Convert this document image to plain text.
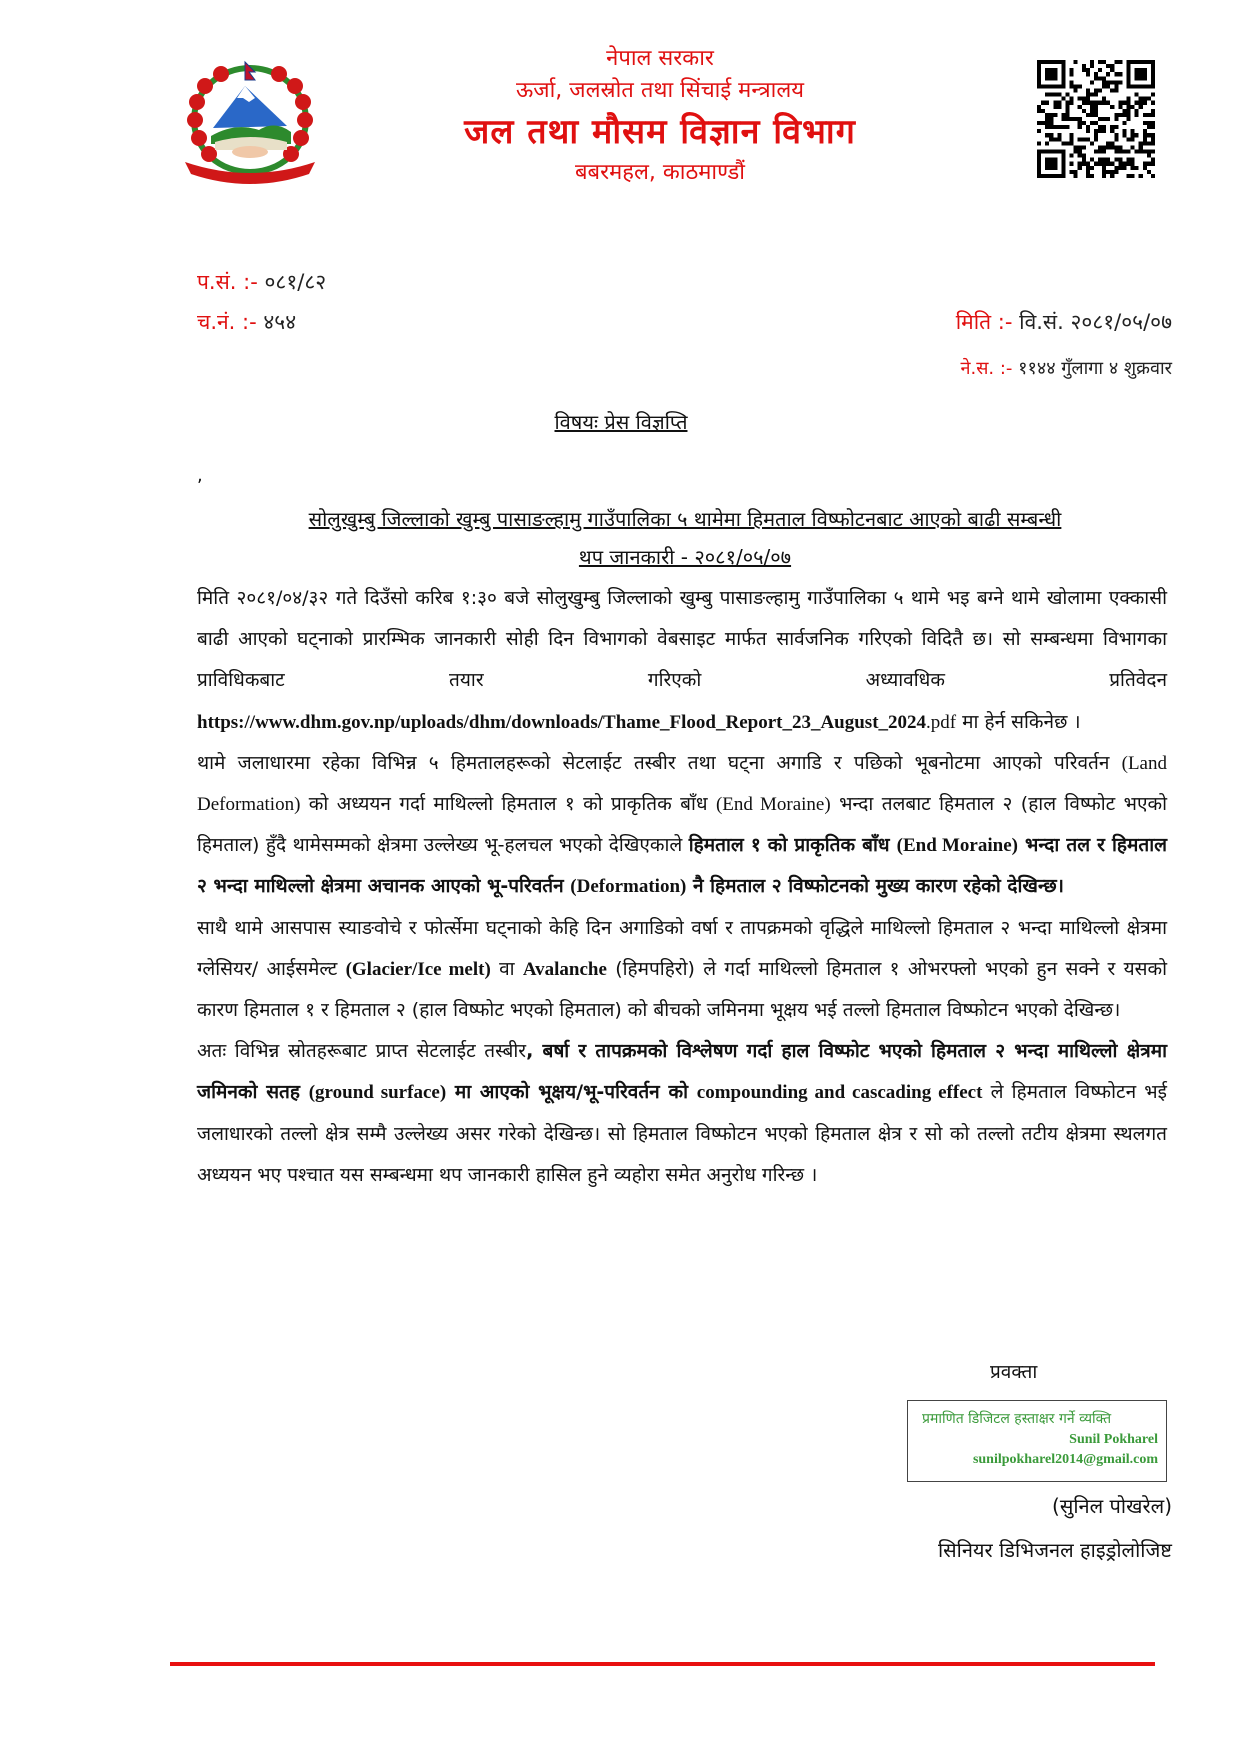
नेपाल सरकार
ऊर्जा, जलस्रोत तथा सिंचाई मन्त्रालय
जल तथा मौसम विज्ञान विभाग
बबरमहल, काठमाण्डौं
प.सं. :- ०८१/८२
च.नं. :- ४५४	मिति :- वि.सं. २०८१/०५/०७
ने.स. :- ११४४ गुँलागा ४ शुक्रवार
विषयः प्रेस विज्ञप्ति
,
सोलुखुम्बु जिल्लाको खुम्बु पासाङल्हामु गाउँपालिका ५ थामेमा हिमताल विष्फोटनबाट आएको बाढी सम्बन्धी
थप जानकारी - २०८१/०५/०७

मिति २०८१/०४/३२ गते दिउँसो करिब १:३० बजे सोलुखुम्बु जिल्लाको खुम्बु पासाङल्हामु गाउँपालिका ५ थामे भइ बग्ने थामे खोलामा एक्कासी बाढी आएको घट्नाको प्रारम्भिक जानकारी सोही दिन विभागको वेबसाइट मार्फत सार्वजनिक गरिएको विदितै छ। सो सम्बन्धमा विभागका प्राविधिकबाट तयार गरिएको अध्यावधिक प्रतिवेदन https://www.dhm.gov.np/uploads/dhm/downloads/Thame_Flood_Report_23_August_2024.pdf मा हेर्न सकिनेछ ।

थामे जलाधारमा रहेका विभिन्न ५ हिमतालहरूको सेटलाईट तस्बीर तथा घट्ना अगाडि र पछिको भूबनोटमा आएको परिवर्तन (Land Deformation) को अध्ययन गर्दा माथिल्लो हिमताल १ को प्राकृतिक बाँध (End Moraine) भन्दा तलबाट हिमताल २ (हाल विष्फोट भएको हिमताल) हुँदै थामेसम्मको क्षेत्रमा उल्लेख्य भू-हलचल भएको देखिएकाले हिमताल १ को प्राकृतिक बाँध (End Moraine) भन्दा तल र हिमताल २ भन्दा माथिल्लो क्षेत्रमा अचानक आएको भू-परिवर्तन (Deformation) नै हिमताल २ विष्फोटनको मुख्य कारण रहेको देखिन्छ।

साथै थामे आसपास स्याङवोचे र फोर्त्सेमा घट्नाको केहि दिन अगाडिको वर्षा र तापक्रमको वृद्धिले माथिल्लो हिमताल २ भन्दा माथिल्लो क्षेत्रमा ग्लेसियर/ आईसमेल्ट (Glacier/Ice melt) वा Avalanche (हिमपहिरो) ले गर्दा माथिल्लो हिमताल १ ओभरफ्लो भएको हुन सक्ने र यसको कारण हिमताल १ र हिमताल २ (हाल विष्फोट भएको हिमताल) को बीचको जमिनमा भूक्षय भई तल्लो हिमताल विष्फोटन भएको देखिन्छ।

अतः विभिन्न स्रोतहरूबाट प्राप्त सेटलाईट तस्बीर, बर्षा र तापक्रमको विश्लेषण गर्दा हाल विष्फोट भएको हिमताल २ भन्दा माथिल्लो क्षेत्रमा जमिनको सतह (ground surface) मा आएको भूक्षय/भू-परिवर्तन को compounding and cascading effect ले हिमताल विष्फोटन भई जलाधारको तल्लो क्षेत्र सम्मै उल्लेख्य असर गरेको देखिन्छ। सो हिमताल विष्फोटन भएको हिमताल क्षेत्र र सो को तल्लो तटीय क्षेत्रमा स्थलगत अध्ययन भए पश्चात यस सम्बन्धमा थप जानकारी हासिल हुने व्यहोरा समेत अनुरोध गरिन्छ ।

प्रवक्ता
प्रमाणित डिजिटल हस्ताक्षर गर्ने व्यक्ति
Sunil Pokharel
sunilpokharel2014@gmail.com
(सुनिल पोखरेल)
सिनियर डिभिजनल हाइड्रोलोजिष्ट
